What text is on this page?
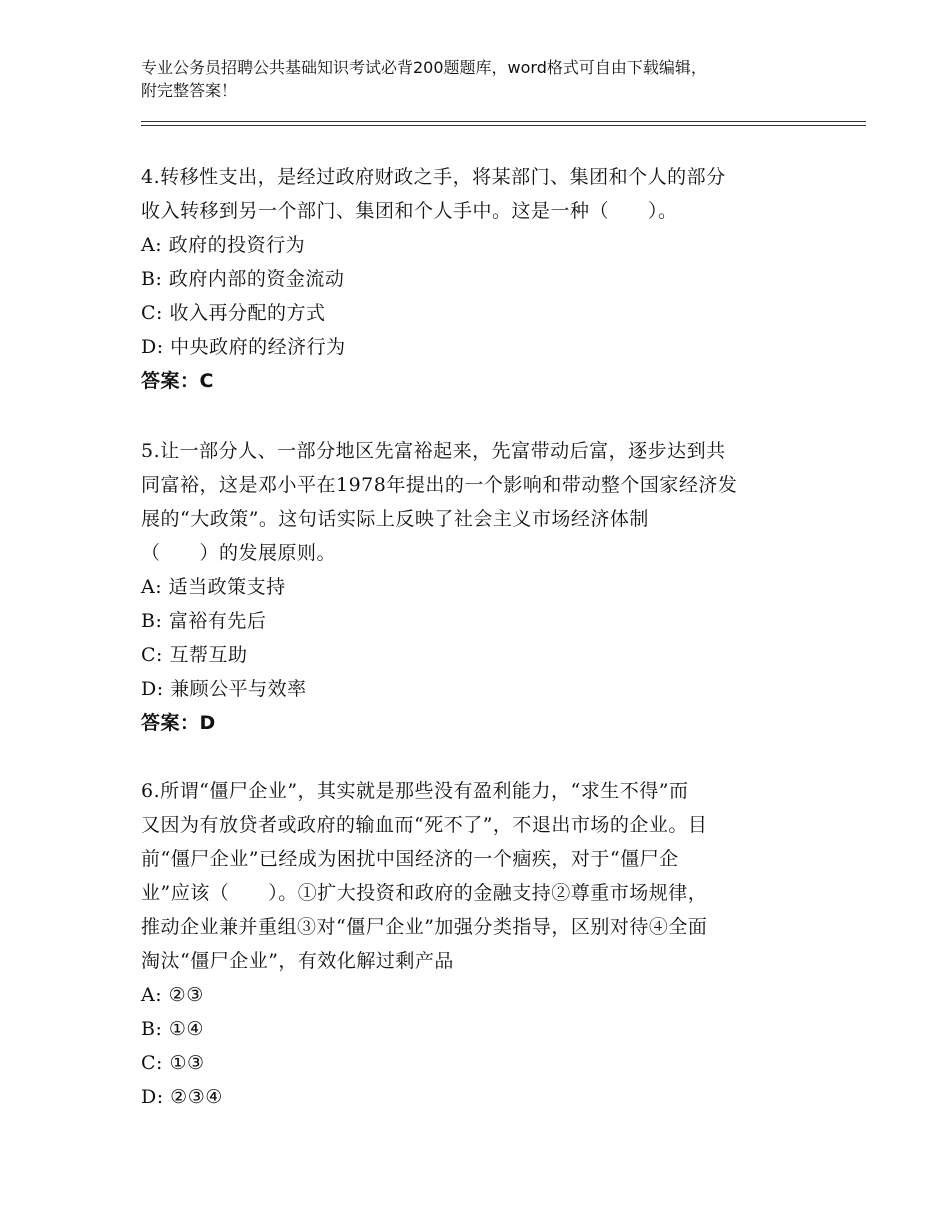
专业公务员招聘公共基础知识考试必背200题题库，word格式可自由下载编辑，
附完整答案！

4.转移性支出，是经过政府财政之手，将某部门、集团和个人的部分

收入转移到另一个部门、集团和个人手中。这是一种（　　）。

A: 政府的投资行为

B: 政府内部的资金流动

C: 收入再分配的方式

D: 中央政府的经济行为

答案：C

5.让一部分人、一部分地区先富裕起来，先富带动后富，逐步达到共

同富裕，这是邓小平在1978年提出的一个影响和带动整个国家经济发

展的“大政策”。这句话实际上反映了社会主义市场经济体制

（　　）的发展原则。

A: 适当政策支持

B: 富裕有先后

C: 互帮互助

D: 兼顾公平与效率

答案：D

6.所谓“僵尸企业”，其实就是那些没有盈利能力，“求生不得”而

又因为有放贷者或政府的输血而“死不了”，不退出市场的企业。目

前“僵尸企业”已经成为困扰中国经济的一个痼疾，对于“僵尸企

业”应该（　　）。①扩大投资和政府的金融支持②尊重市场规律，

推动企业兼并重组③对“僵尸企业”加强分类指导，区别对待④全面

淘汰“僵尸企业”，有效化解过剩产品

A: ②③

B: ①④

C: ①③

D: ②③④
